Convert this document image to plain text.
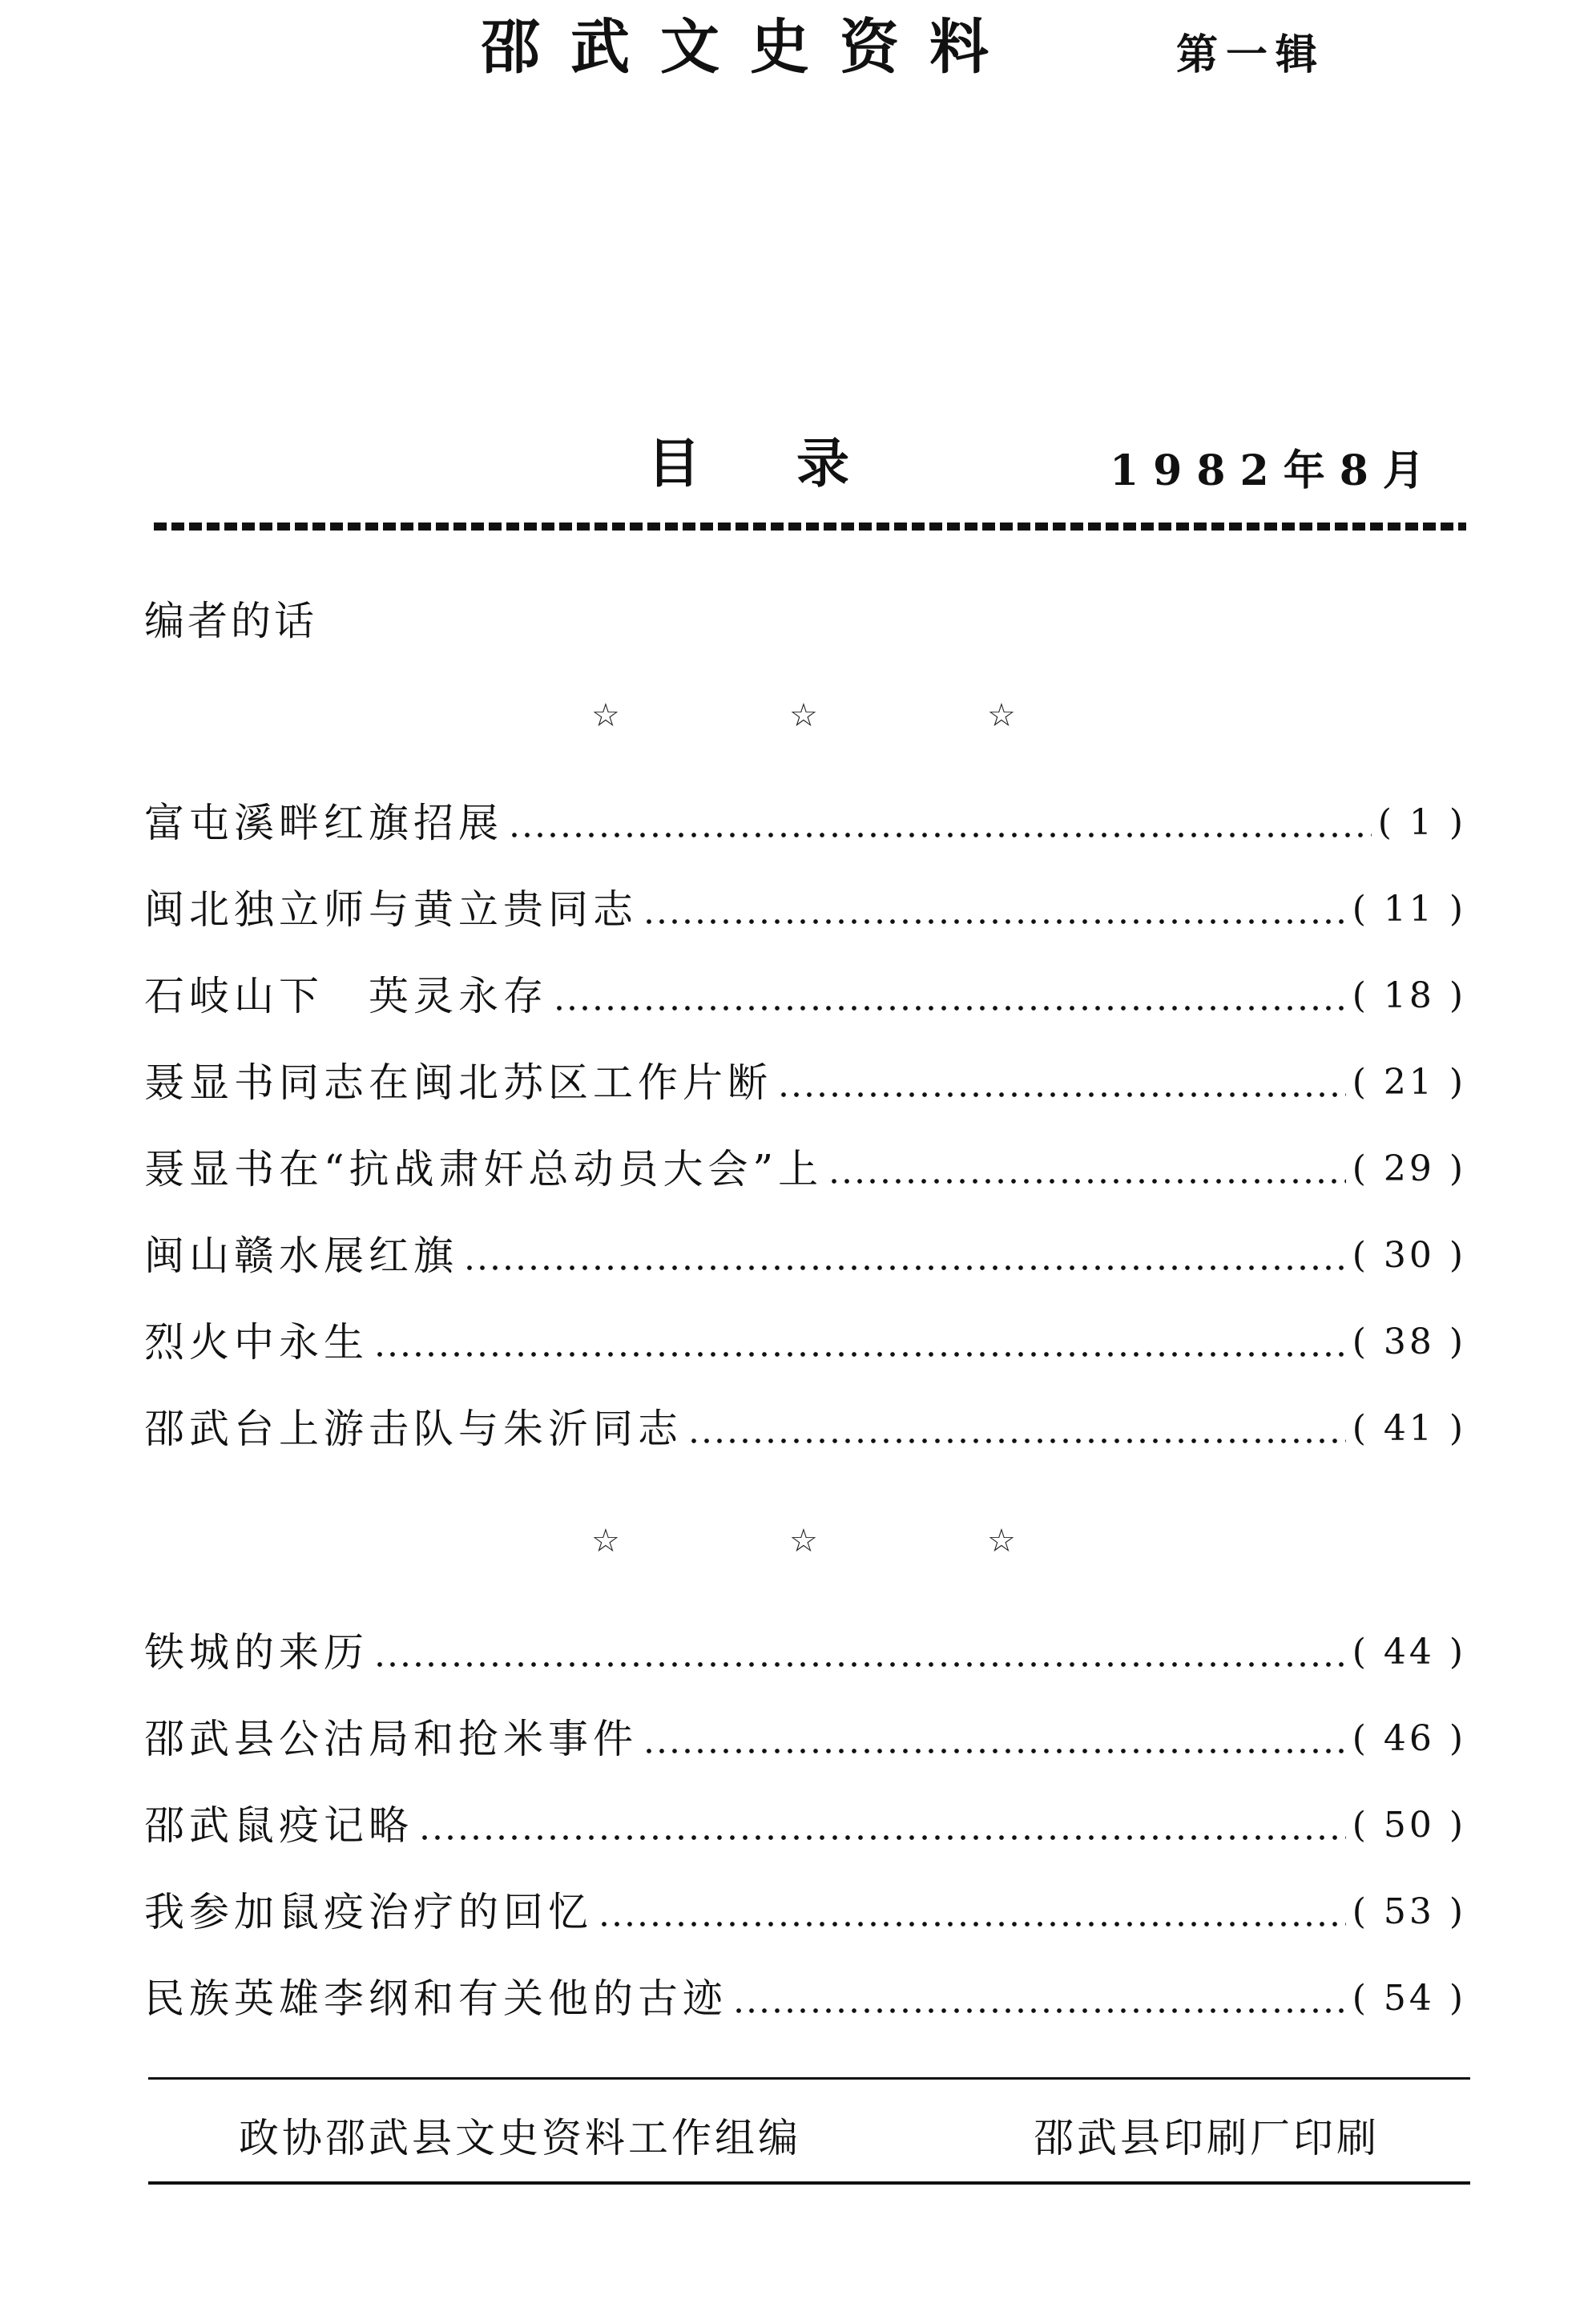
邵武文史资料	第一辑
目录	1982年8月
编者的话
☆	☆	☆
富屯溪畔红旗招展	( 1 )
闽北独立师与黄立贵同志	( 11 )
石岐山下　英灵永存	( 18 )
聂显书同志在闽北苏区工作片断	( 21 )
聂显书在“抗战肃奸总动员大会”上	( 29 )
闽山赣水展红旗	( 30 )
烈火中永生	( 38 )
邵武台上游击队与朱沂同志	( 41 )
☆	☆	☆
铁城的来历	( 44 )
邵武县公沽局和抢米事件	( 46 )
邵武鼠疫记略	( 50 )
我参加鼠疫治疗的回忆	( 53 )
民族英雄李纲和有关他的古迹	( 54 )
政协邵武县文史资料工作组编	邵武县印刷厂印刷
